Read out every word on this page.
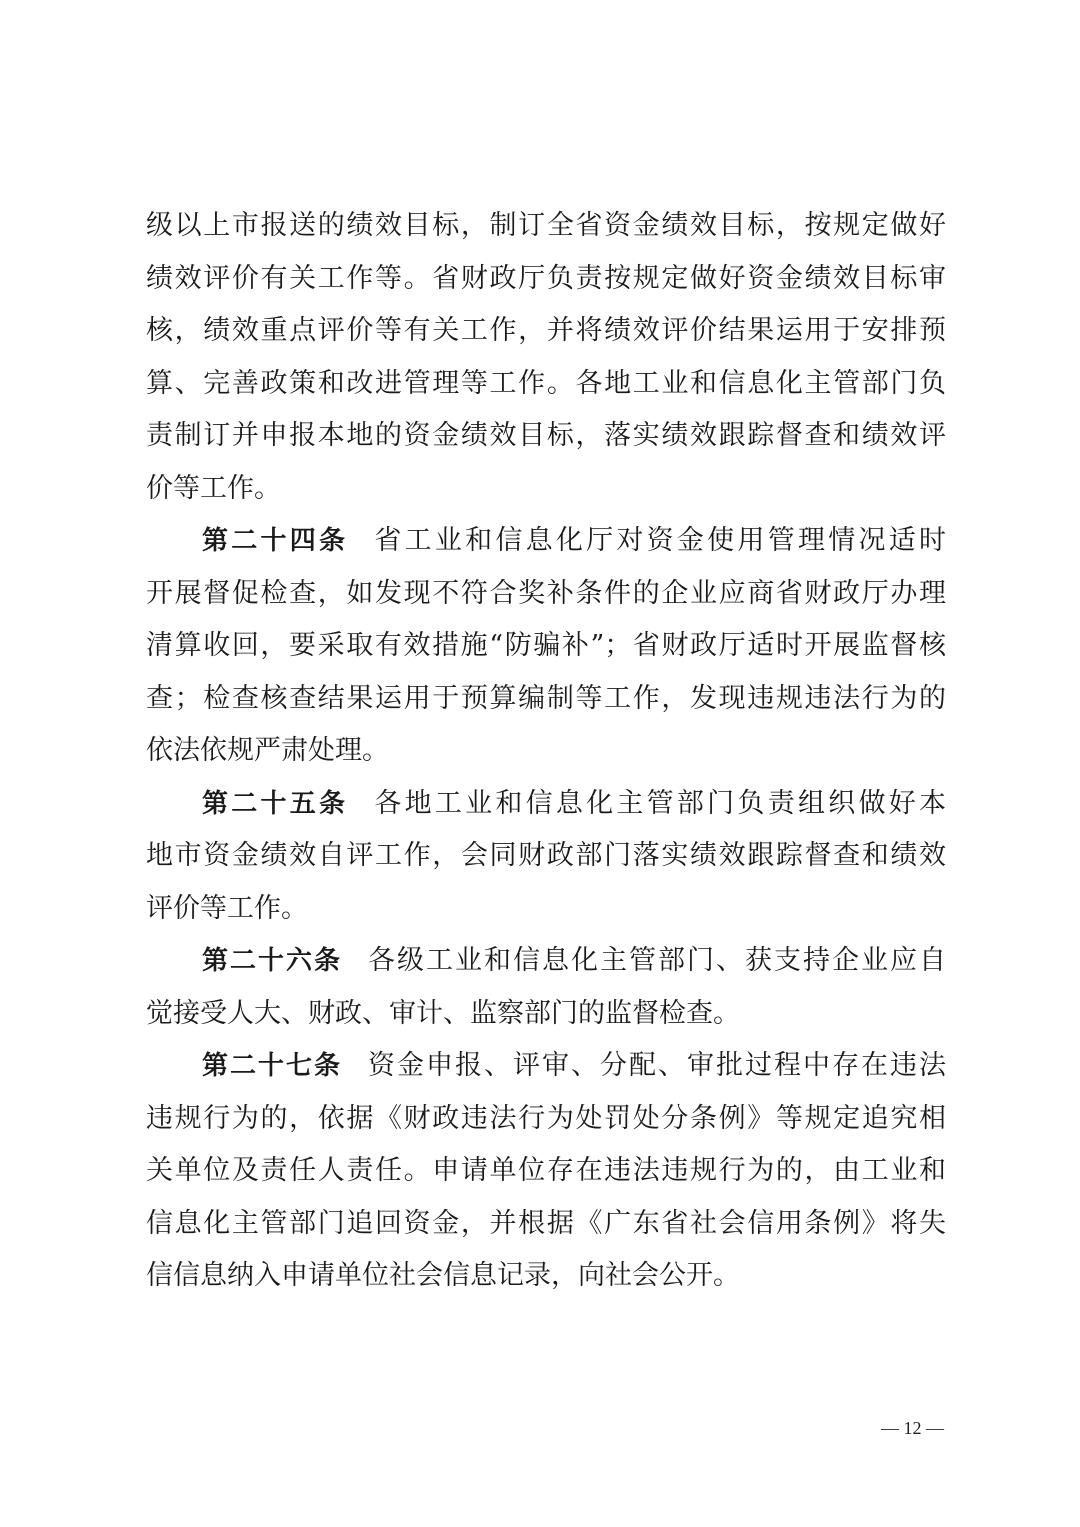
级以上市报送的绩效目标，制订全省资金绩效目标，按规定做好
绩效评价有关工作等。省财政厅负责按规定做好资金绩效目标审
核，绩效重点评价等有关工作，并将绩效评价结果运用于安排预
算、完善政策和改进管理等工作。各地工业和信息化主管部门负
责制订并申报本地的资金绩效目标，落实绩效跟踪督查和绩效评
价等工作。
第二十四条 省工业和信息化厅对资金使用管理情况适时
开展督促检查，如发现不符合奖补条件的企业应商省财政厅办理
清算收回，要采取有效措施“防骗补”；省财政厅适时开展监督核
查；检查核查结果运用于预算编制等工作，发现违规违法行为的
依法依规严肃处理。
第二十五条 各地工业和信息化主管部门负责组织做好本
地市资金绩效自评工作，会同财政部门落实绩效跟踪督查和绩效
评价等工作。
第二十六条 各级工业和信息化主管部门、获支持企业应自
觉接受人大、财政、审计、监察部门的监督检查。
第二十七条 资金申报、评审、分配、审批过程中存在违法
违规行为的，依据《财政违法行为处罚处分条例》等规定追究相
关单位及责任人责任。申请单位存在违法违规行为的，由工业和
信息化主管部门追回资金，并根据《广东省社会信用条例》将失
信信息纳入申请单位社会信息记录，向社会公开。
— 12 —
